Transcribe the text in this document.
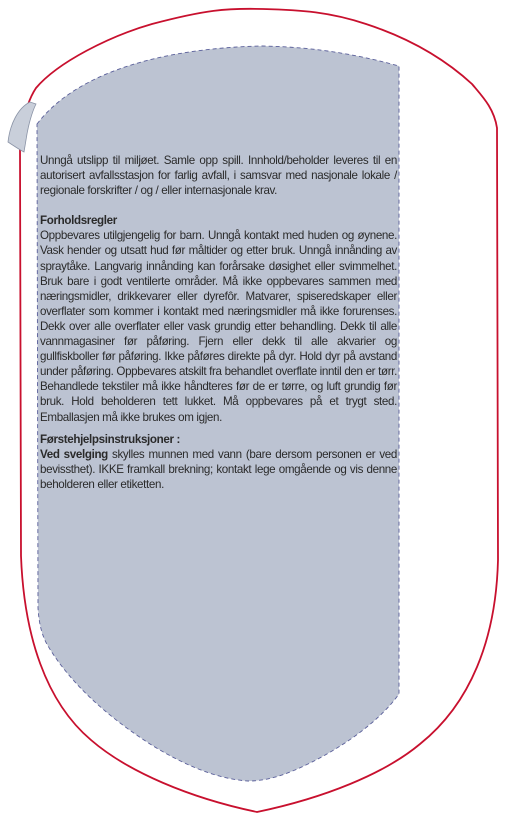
Unngå utslipp til miljøet. Samle opp spill. Innhold/beholder leveres til en autorisert avfallsstasjon for farlig avfall, i samsvar med nasjonale lokale / regionale forskrifter / og / eller internasjonale krav.

Forholdsregler

Oppbevares utilgjengelig for barn. Unngå kontakt med huden og øynene. Vask hender og utsatt hud før måltider og etter bruk. Unngå innånding av spraytåke. Langvarig innånding kan forårsake døsighet eller svimmelhet. Bruk bare i godt ventilerte områder. Må ikke oppbevares sammen med næringsmidler, drikkevarer eller dyrefôr. Matvarer, spiseredskaper eller overflater som kommer i kontakt med næringsmidler må ikke forurenses. Dekk over alle overflater eller vask grundig etter behandling. Dekk til alle vannmagasiner før påføring. Fjern eller dekk til alle akvarier og gullfiskboller før påføring. Ikke påføres direkte på dyr. Hold dyr på avstand under påføring. Oppbevares atskilt fra behandlet overflate inntil den er tørr. Behandlede tekstiler må ikke håndteres før de er tørre, og luft grundig før bruk. Hold beholderen tett lukket. Må oppbevares på et trygt sted. Emballasjen må ikke brukes om igjen.

Førstehjelpsinstruksjoner :

Ved svelging skylles munnen med vann (bare dersom personen er ved bevissthet). IKKE framkall brekning; kontakt lege omgående og vis denne beholderen eller etiketten.
